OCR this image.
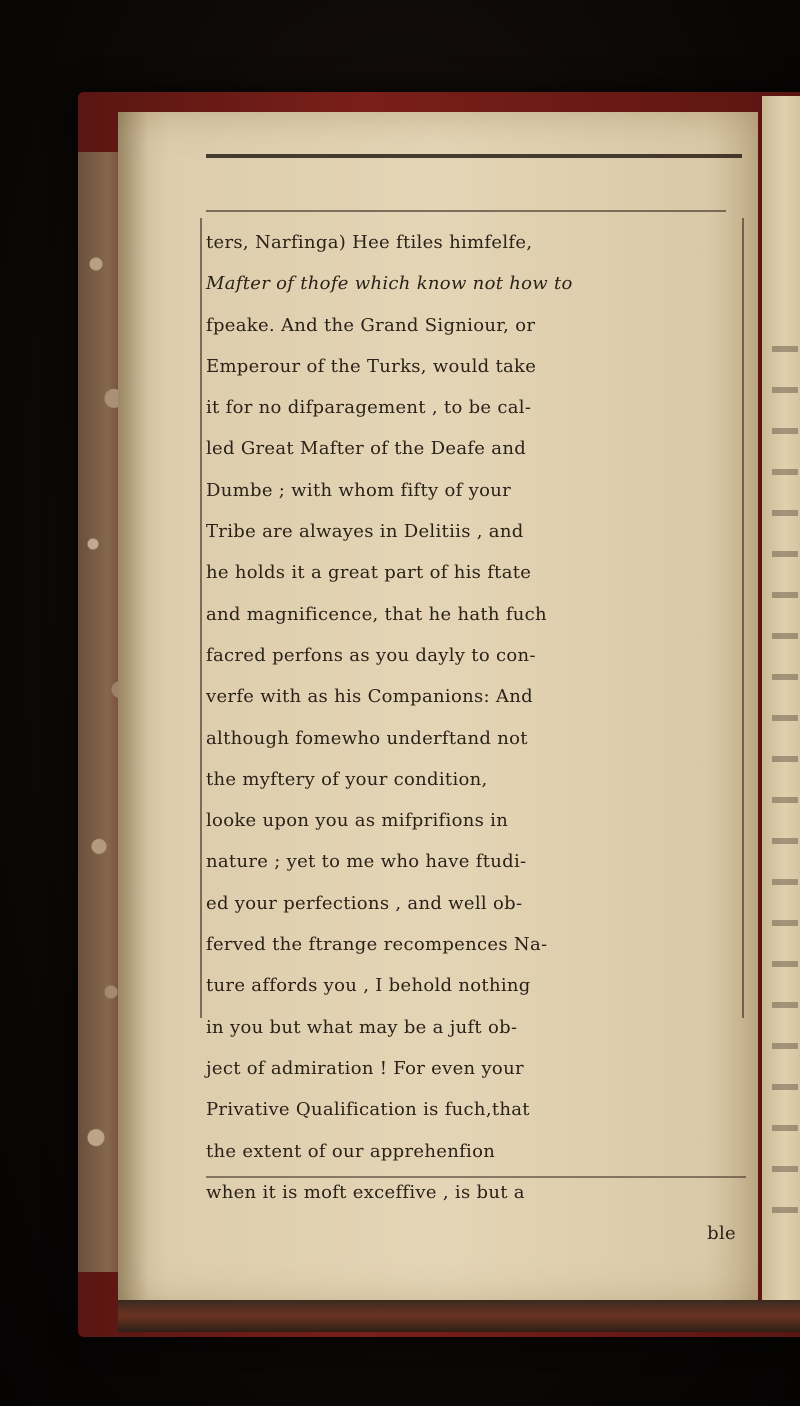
ters, Narfinga) Hee ftiles himfelfe,
Mafter of thofe which know not how to
fpeake. And the Grand Signiour, or
Emperour of the Turks, would take
it for no difparagement , to be cal-
led Great Mafter of the Deafe and
Dumbe ; with whom fifty of your
Tribe are alwayes in Delitiis , and
he holds it a great part of his ftate
and magnificence, that he hath fuch
facred perfons as you dayly to con-
verfe with as his Companions: And
although fomewho underftand not
the myftery of your condition,
looke upon you as mifprifions in
nature ; yet to me who have ftudi-
ed your perfections , and well ob-
ferved the ftrange recompences Na-
ture affords you , I behold nothing
in you but what may be a juft ob-
ject of admiration ! For even your
Privative Qualification is fuch,that
the extent of our apprehenfion
when it is moft exceffive , is but a
ble
